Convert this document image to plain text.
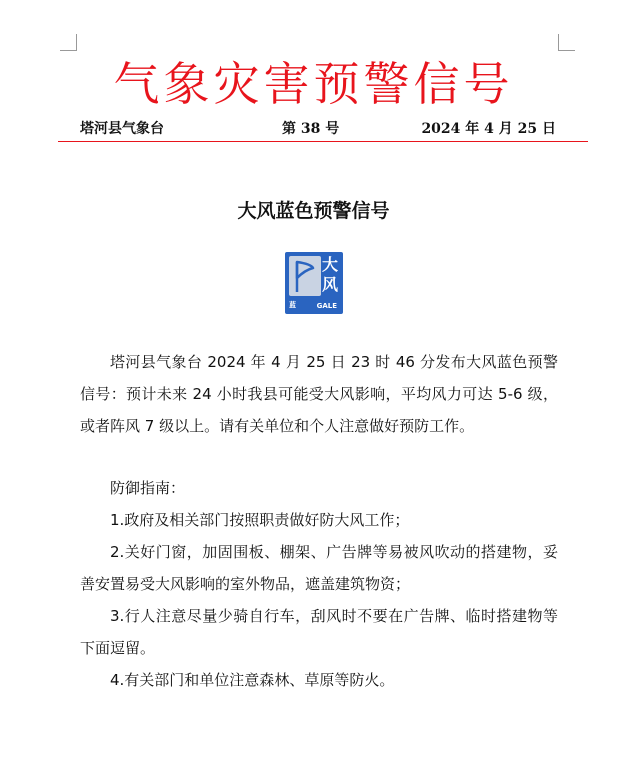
气象灾害预警信号
塔河县气象台	第 38 号	2024 年 4 月 25 日
大风蓝色预警信号
大
风
蓝	GALE

塔河县气象台 2024 年 4 月 25 日 23 时 46 分发布大风蓝色预警信号：预计未来 24 小时我县可能受大风影响，平均风力可达 5-6 级，或者阵风 7 级以上。请有关单位和个人注意做好预防工作。

防御指南：

1.政府及相关部门按照职责做好防大风工作；

2.关好门窗，加固围板、棚架、广告牌等易被风吹动的搭建物，妥善安置易受大风影响的室外物品，遮盖建筑物资；

3.行人注意尽量少骑自行车，刮风时不要在广告牌、临时搭建物等下面逗留。

4.有关部门和单位注意森林、草原等防火。
